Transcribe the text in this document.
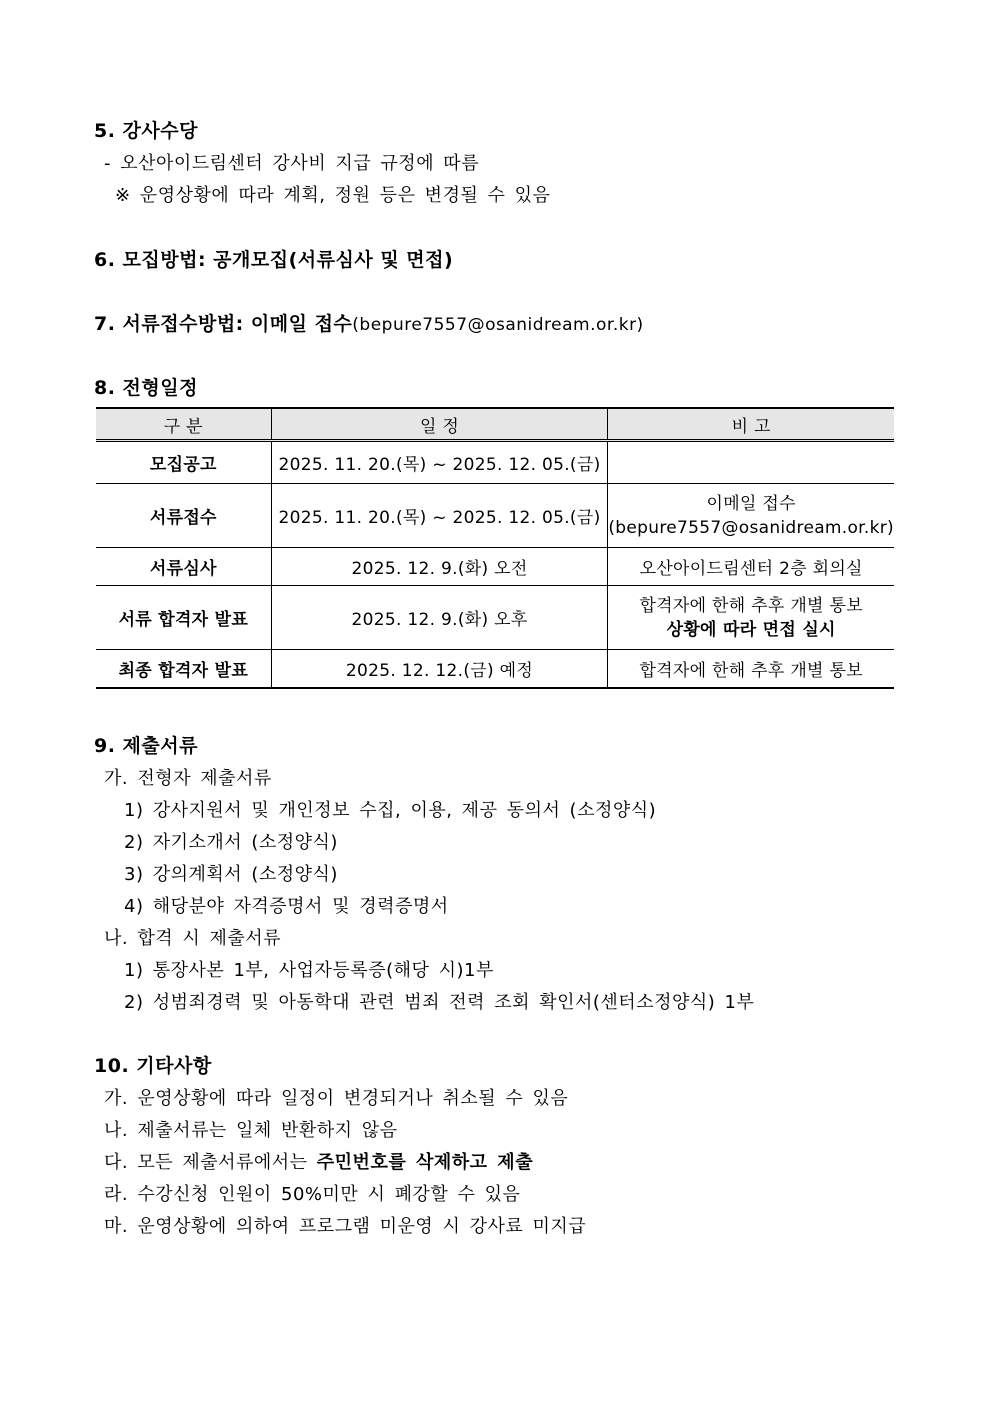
5. 강사수당
- 오산아이드림센터 강사비 지급 규정에 따름
※ 운영상황에 따라 계획, 정원 등은 변경될 수 있음
6. 모집방법: 공개모집(서류심사 및 면접)
7. 서류접수방법: 이메일 접수(bepure7557@osanidream.or.kr)
8. 전형일정
구 분	일 정	비 고
모집공고	2025. 11. 20.(목) ~ 2025. 12. 05.(금)	
서류접수	2025. 11. 20.(목) ~ 2025. 12. 05.(금)	이메일 접수
(bepure7557@osanidream.or.kr)

서류심사	2025. 12. 9.(화) 오전	오산아이드림센터 2층 회의실
서류 합격자 발표	2025. 12. 9.(화) 오후	합격자에 한해 추후 개별 통보
상황에 따라 면접 실시

최종 합격자 발표	2025. 12. 12.(금) 예정	합격자에 한해 추후 개별 통보
9. 제출서류
가. 전형자 제출서류
1) 강사지원서 및 개인정보 수집, 이용, 제공 동의서 (소정양식)
2) 자기소개서 (소정양식)
3) 강의계획서 (소정양식)
4) 해당분야 자격증명서 및 경력증명서
나. 합격 시 제출서류
1) 통장사본 1부, 사업자등록증(해당 시)1부
2) 성범죄경력 및 아동학대 관련 범죄 전력 조회 확인서(센터소정양식) 1부
10. 기타사항
가. 운영상황에 따라 일정이 변경되거나 취소될 수 있음
나. 제출서류는 일체 반환하지 않음
다. 모든 제출서류에서는 주민번호를 삭제하고 제출
라. 수강신청 인원이 50%미만 시 폐강할 수 있음
마. 운영상황에 의하여 프로그램 미운영 시 강사료 미지급
